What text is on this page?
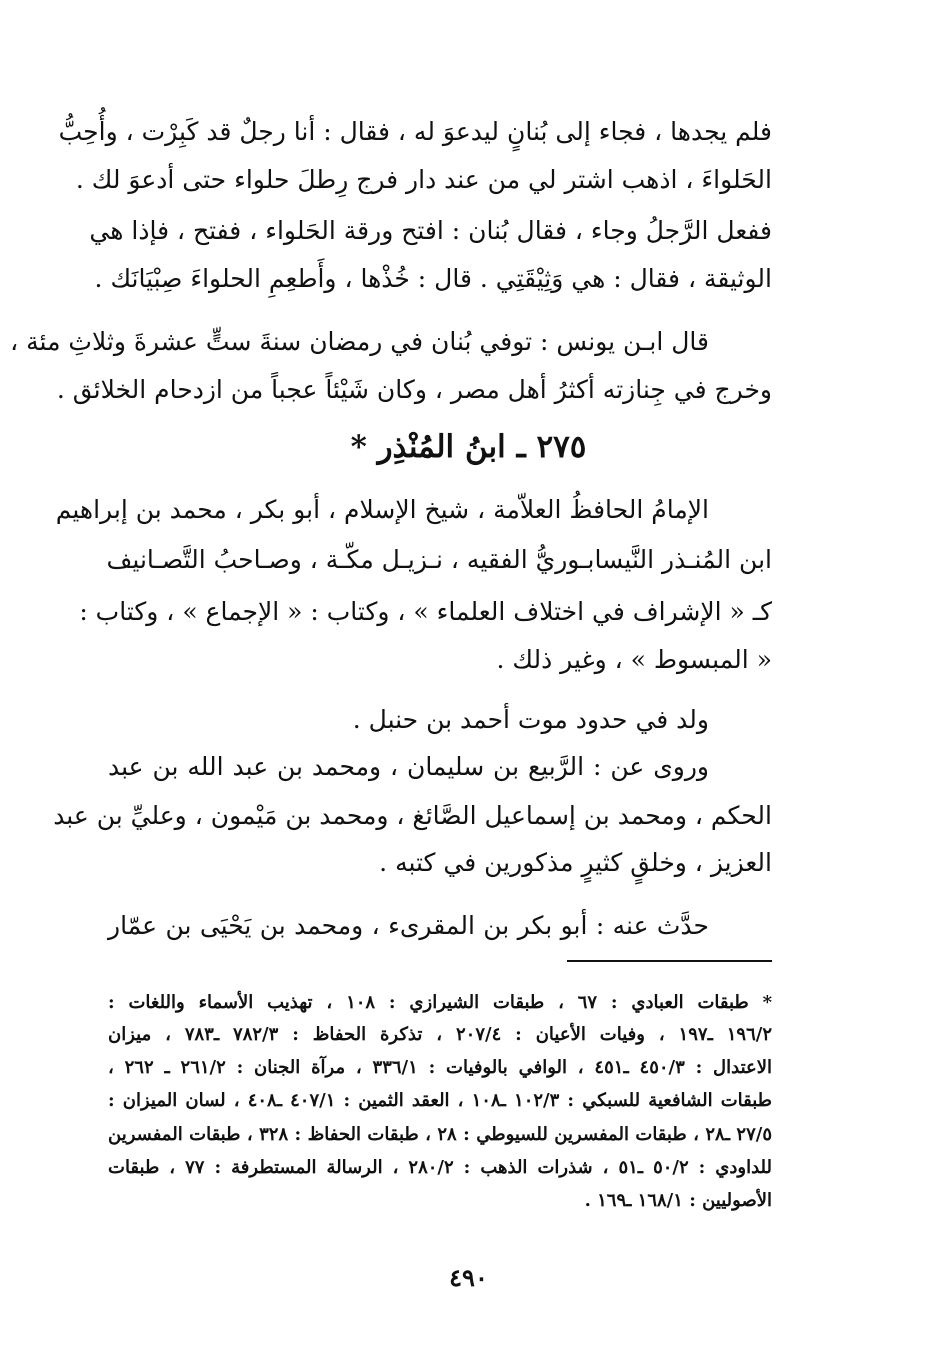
فلم يجدها ، فجاء إلى بُنانٍ ليدعوَ له ، فقال : أنا رجلٌ قد كَبِرْت ، وأُحِبُّ
الحَلواءَ ، اذهب اشتر لي من عند دار فرج رِطلَ حلواء حتى أدعوَ لك .
ففعل الرَّجلُ وجاء ، فقال بُنان : افتح ورقة الحَلواء ، ففتح ، فإذا هي
الوثيقة ، فقال : هي وَثِيْقَتِي . قال : خُذْها ، وأَطعِمِ الحلواءَ صِبْيَانَك .
قال ابـن يونس : توفي بُنان في رمضان سنةَ ستٍّ عشرةَ وثلاثِ مئة ،
وخرج في جِنازته أكثرُ أهل مصر ، وكان شَيْئاً عجباً من ازدحام الخلائق .
٢٧٥ ـ ابنُ المُنْذِر *
الإمامُ الحافظُ العلاّمة ، شيخ الإسلام ، أبو بكر ، محمد بن إبراهيم
ابن المُنـذر النَّيسابـوريُّ الفقيه ، نـزيـل مكّـة ، وصـاحبُ التَّصـانيف
كـ « الإشراف في اختلاف العلماء » ، وكتاب : « الإجماع » ، وكتاب :
« المبسوط » ، وغير ذلك .
ولد في حدود موت أحمد بن حنبل .
وروى عن : الرَّبيع بن سليمان ، ومحمد بن عبد الله بن عبد
الحكم ، ومحمد بن إسماعيل الصَّائغ ، ومحمد بن مَيْمون ، وعليِّ بن عبد
العزيز ، وخلقٍ كثيرٍ مذكورين في كتبه .
حدَّث عنه : أبو بكر بن المقرىء ، ومحمد بن يَحْيَى بن عمّار
* طبقات العبادي : ٦٧ ، طبقات الشيرازي : ١٠٨ ، تهذيب الأسماء واللغات :
١٩٦/٢ ـ١٩٧ ، وفيات الأعيان : ٢٠٧/٤ ، تذكرة الحفاظ : ٧٨٢/٣ ـ٧٨٣ ، ميزان
الاعتدال : ٤٥٠/٣ ـ٤٥١ ، الوافي بالوفيات : ٣٣٦/١ ، مرآة الجنان : ٢٦١/٢ ـ ٢٦٢ ،
طبقات الشافعية للسبكي : ١٠٢/٣ ـ١٠٨ ، العقد الثمين : ٤٠٧/١ ـ٤٠٨ ، لسان الميزان :
٢٧/٥ ـ٢٨ ، طبقات المفسرين للسيوطي : ٢٨ ، طبقات الحفاظ : ٣٢٨ ، طبقات المفسرين
للداودي : ٥٠/٢ ـ٥١ ، شذرات الذهب : ٢٨٠/٢ ، الرسالة المستطرفة : ٧٧ ، طبقات
الأصوليين : ١٦٨/١ ـ١٦٩ .
٤٩٠
